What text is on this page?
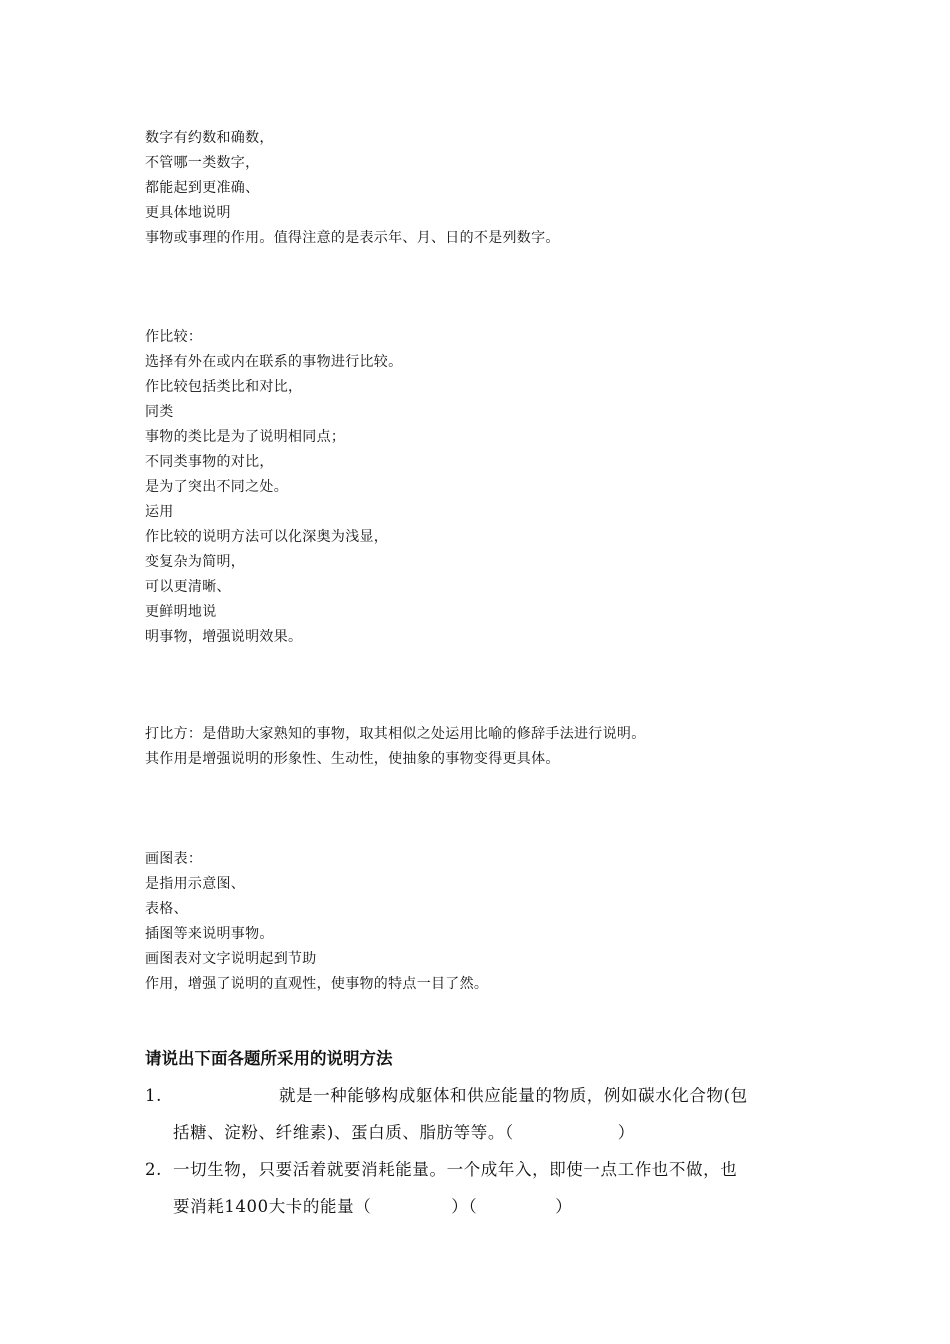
数字有约数和确数，
不管哪一类数字，
都能起到更准确、
更具体地说明
事物或事理的作用。值得注意的是表示年、月、日的不是列数字。
作比较：
选择有外在或内在联系的事物进行比较。
作比较包括类比和对比，
同类
事物的类比是为了说明相同点；
不同类事物的对比，
是为了突出不同之处。
运用
作比较的说明方法可以化深奥为浅显，
变复杂为简明，
可以更清晰、
更鲜明地说
明事物，增强说明效果。
打比方：是借助大家熟知的事物，取其相似之处运用比喻的修辞手法进行说明。
其作用是增强说明的形象性、生动性，使抽象的事物变得更具体。
画图表：
是指用示意图、
表格、
插图等来说明事物。
画图表对文字说明起到节助
作用，增强了说明的直观性，使事物的特点一目了然。
请说出下面各题所采用的说明方法
1.	就是一种能够构成躯体和供应能量的物质，例如碳水化合物(包
括糖、淀粉、纤维素)、蛋白质、脂肪等等。（	）
2. 一切生物，只要活着就要消耗能量。一个成年入，即使一点工作也不做，也
要消耗1400大卡的能量（	）（	）
